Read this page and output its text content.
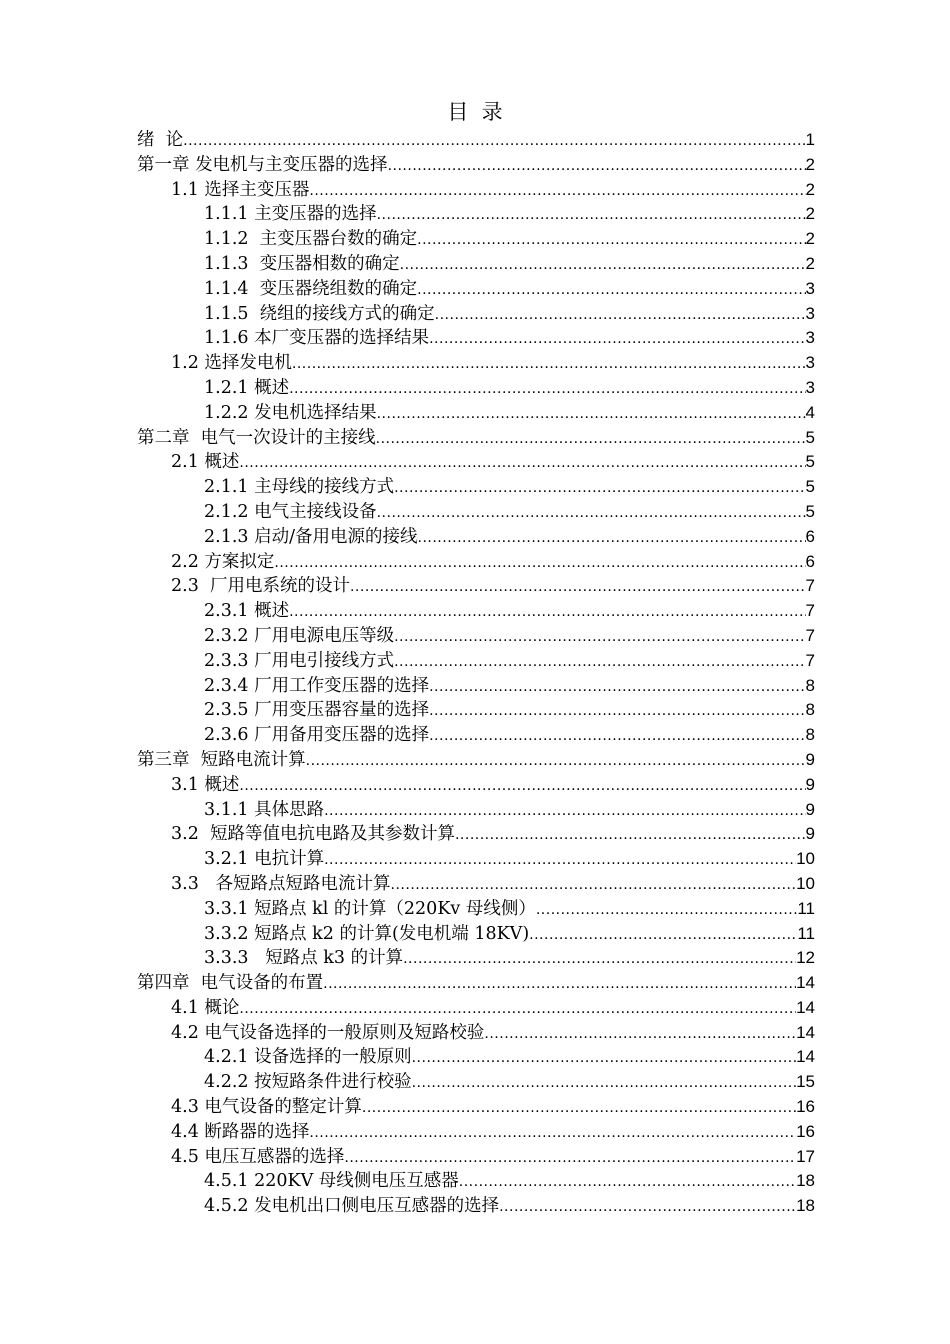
目  录
绪  论 .....	1
第一章 发电机与主变压器的选择 .....	2
1.1 选择主变压器 .....	2
1.1.1 主变压器的选择 .....	2
1.1.2  主变压器台数的确定 .....	2
1.1.3  变压器相数的确定 .....	2
1.1.4  变压器绕组数的确定 .....	3
1.1.5  绕组的接线方式的确定 .....	3
1.1.6 本厂变压器的选择结果 .....	3
1.2 选择发电机 .....	3
1.2.1 概述 .....	3
1.2.2 发电机选择结果 .....	4
第二章  电气一次设计的主接线 .....	5
2.1 概述 .....	5
2.1.1 主母线的接线方式 .....	5
2.1.2 电气主接线设备 .....	5
2.1.3 启动/备用电源的接线 .....	6
2.2 方案拟定 .....	6
2.3  厂用电系统的设计 .....	7
2.3.1 概述 .....	7
2.3.2 厂用电源电压等级 .....	7
2.3.3 厂用电引接线方式 .....	7
2.3.4 厂用工作变压器的选择 .....	8
2.3.5 厂用变压器容量的选择 .....	8
2.3.6 厂用备用变压器的选择 .....	8
第三章  短路电流计算 .....	9
3.1 概述 .....	9
3.1.1 具体思路 .....	9
3.2  短路等值电抗电路及其参数计算 .....	9
3.2.1 电抗计算 .....	10
3.3   各短路点短路电流计算 .....	10
3.3.1 短路点 kl 的计算（220Kv 母线侧） .....	11
3.3.2 短路点 k2 的计算(发电机端 18KV) .....	11
3.3.3   短路点 k3 的计算 .....	12
第四章  电气设备的布置 .....	14
4.1 概论 .....	14
4.2 电气设备选择的一般原则及短路校验 .....	14
4.2.1 设备选择的一般原则 .....	14
4.2.2 按短路条件进行校验 .....	15
4.3 电气设备的整定计算 .....	16
4.4 断路器的选择 .....	16
4.5 电压互感器的选择 .....	17
4.5.1 220KV 母线侧电压互感器 .....	18
4.5.2 发电机出口侧电压互感器的选择 .....	18
